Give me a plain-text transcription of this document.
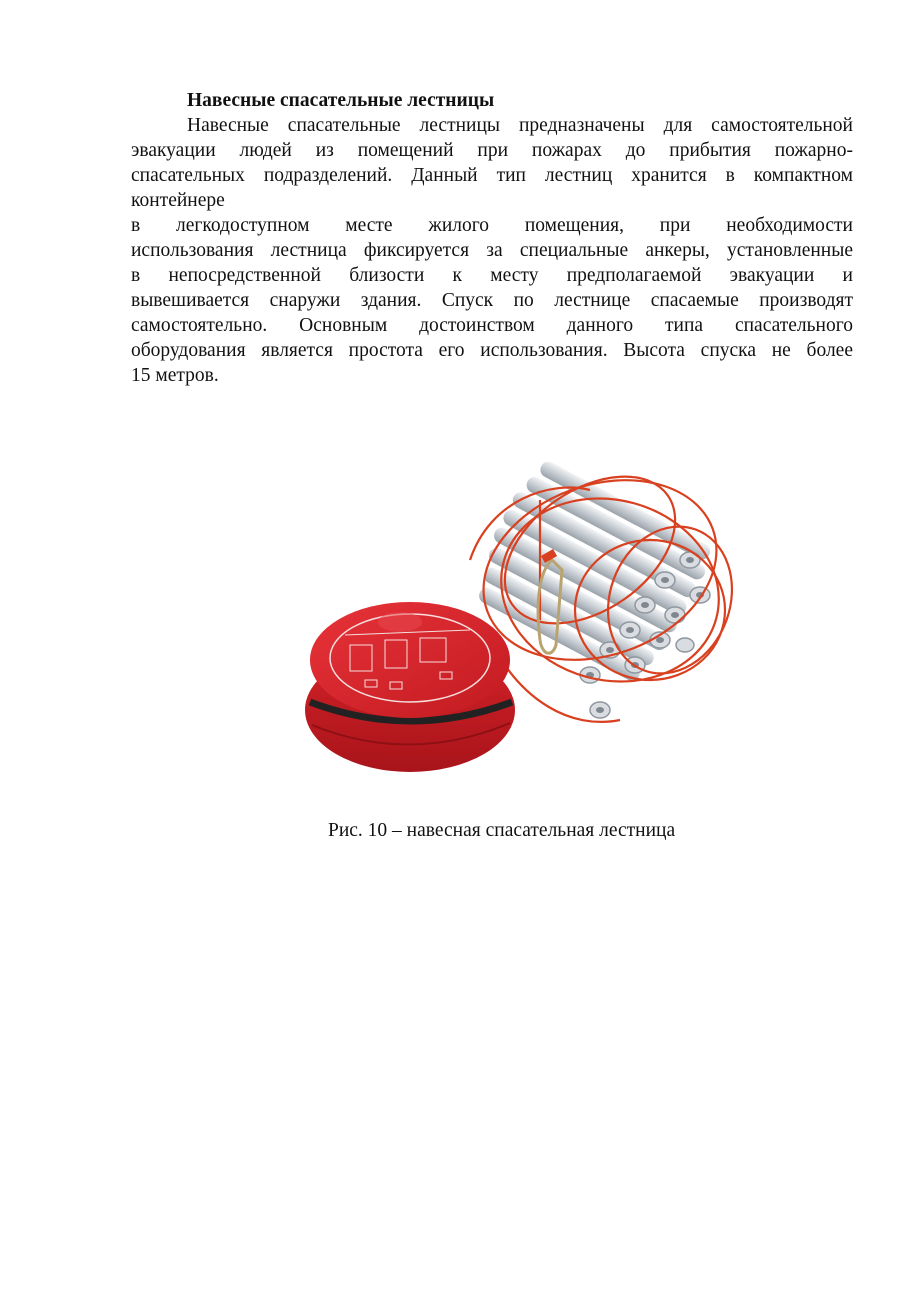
Навесные спасательные лестницы

Навесные спасательные лестницы предназначены для самостоятельной
эвакуации людей из помещений при пожарах до прибытия пожарно-
спасательных подразделений. Данный тип лестниц хранится в компактном
контейнере
в легкодоступном месте жилого помещения, при необходимости
использования лестница фиксируется за специальные анкеры, установленные
в непосредственной близости к месту предполагаемой эвакуации и
вывешивается снаружи здания. Спуск по лестнице спасаемые производят
самостоятельно. Основным достоинством данного типа спасательного
оборудования является простота его использования. Высота спуска не более
15 метров.

Рис. 10 – навесная спасательная лестница
